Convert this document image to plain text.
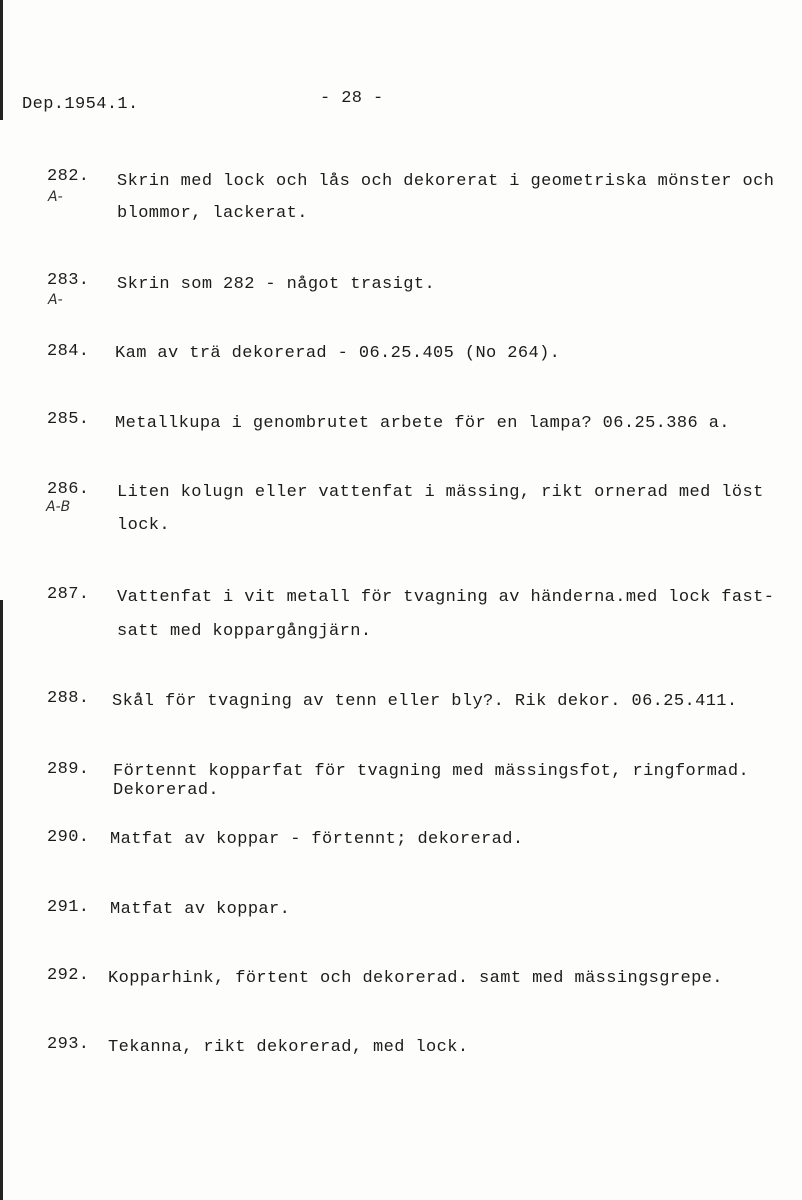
Dep.1954.1.	- 28 -
282.
A-
Skrin med lock och lås och dekorerat i geometriska mönster och
blommor, lackerat.
283.
A-
Skrin som 282 - något trasigt.
284. Kam av trä dekorerad - 06.25.405 (No 264).
285. Metallkupa i genombrutet arbete för en lampa? 06.25.386 a.
286.
A-B
Liten kolugn eller vattenfat i mässing, rikt ornerad med löst
lock.
287. Vattenfat i vit metall för tvagning av händerna.med lock fast-
satt med koppargångjärn.
288. Skål för tvagning av tenn eller bly?. Rik dekor. 06.25.411.
289. Förtennt kopparfat för tvagning med mässingsfot, ringformad.
Dekorerad.
290. Matfat av koppar - förtennt; dekorerad.
291. Matfat av koppar.
292. Kopparhink, förtent och dekorerad. samt med mässingsgrepe.
293. Tekanna, rikt dekorerad, med lock.
